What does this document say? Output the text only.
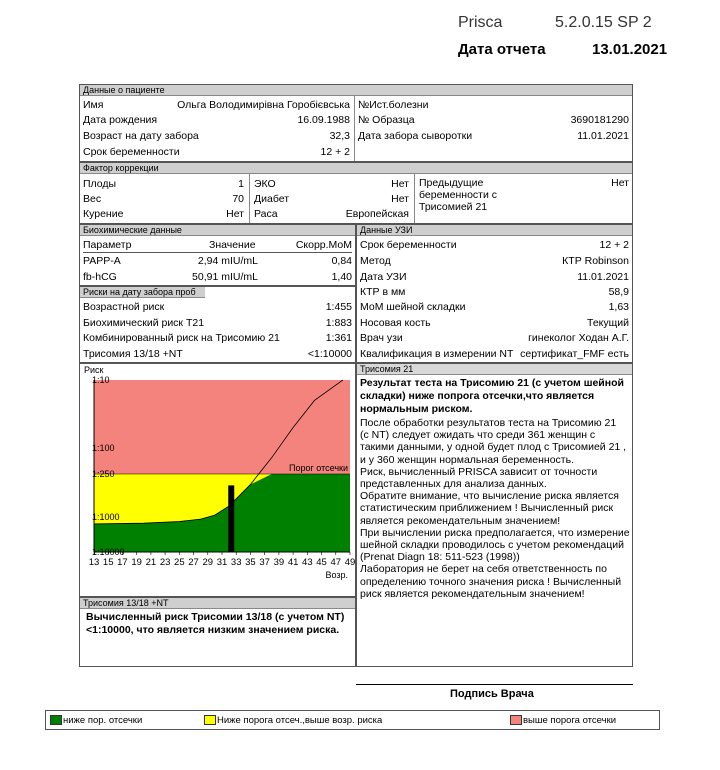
Prisca	5.2.0.15 SP 2
Дата отчета	13.01.2021
Данные о пациенте
Имя	Ольга Володимирівна Горобієвська
Дата рождения	16.09.1988
Возраст на дату забора	32,3
Срок беременности	12 + 2
№Ист.болезни
№ Образца	3690181290
Дата забора сыворотки	11.01.2021
Фактор коррекции
Плоды	1
Вес	70
Курение	Нет
ЭКО	Нет
Диабет	Нет
Раса	Европейская
Предыдущие	Нет
беременности с
Трисомией 21
Биохимические данные
Параметр	Значение	Скорр.МоМ
PAPP-A	2,94 mIU/mL	0,84
fb-hCG	50,91 mIU/mL	1,40
Риски на дату забора проб
Возрастной риск	1:455
Биохимический риск T21	1:883
Комбинированный риск на Трисомию 21	1:361
Трисомия 13/18 +NT	<1:10000
Данные УЗИ
Срок беременности	12 + 2
Метод	КТР Robinson
Дата УЗИ	11.01.2021
КТР в мм	58,9
МоМ шейной складки	1,63
Носовая кость	Текущий
Врач узи	гинеколог Ходан А.Г.
Квалификация в измерении NT сертификат_FMF есть
1:10
1:100
1:250
1:1000
1:10000
Риск
Порог отсечки
13 15 17 19 21 23 25 27 29 31 33 35 37 39 41 43 45 47 49
Возр.
Трисомия 21
Результат теста на Трисомию 21 (с учетом шейной складки) ниже попрога отсечки,что является нормальным риском.
После обработки результатов теста на Трисомию 21
(с NT) следует ожидать что среди 361 женщин с
такими данными, у одной будет плод с Трисомией 21 ,
и у 360 женщин нормальная беременность.
Риск, вычисленный PRISCA зависит от точности
представленных для анализа данных.
Обратите внимание, что вычисление риска является
статистическим приближением ! Вычисленный риск
является рекомендательным значением!
При вычислении риска предполагается, что измерение
шейной складки проводилось с учетом рекомендаций
(Prenat Diagn 18: 511-523 (1998))
Лаборатория не берет на себя ответственность по
определению точного значения риска ! Вычисленный
риск является рекомендательным значением!
Трисомия 13/18 +NT
Вычисленный риск Трисомии 13/18 (с учетом NT) <1:10000, что является низким значением риска.
Подпись Врача
ниже пор. отсечки	Ниже порога отсеч.,выше возр. риска	выше порога отсечки
